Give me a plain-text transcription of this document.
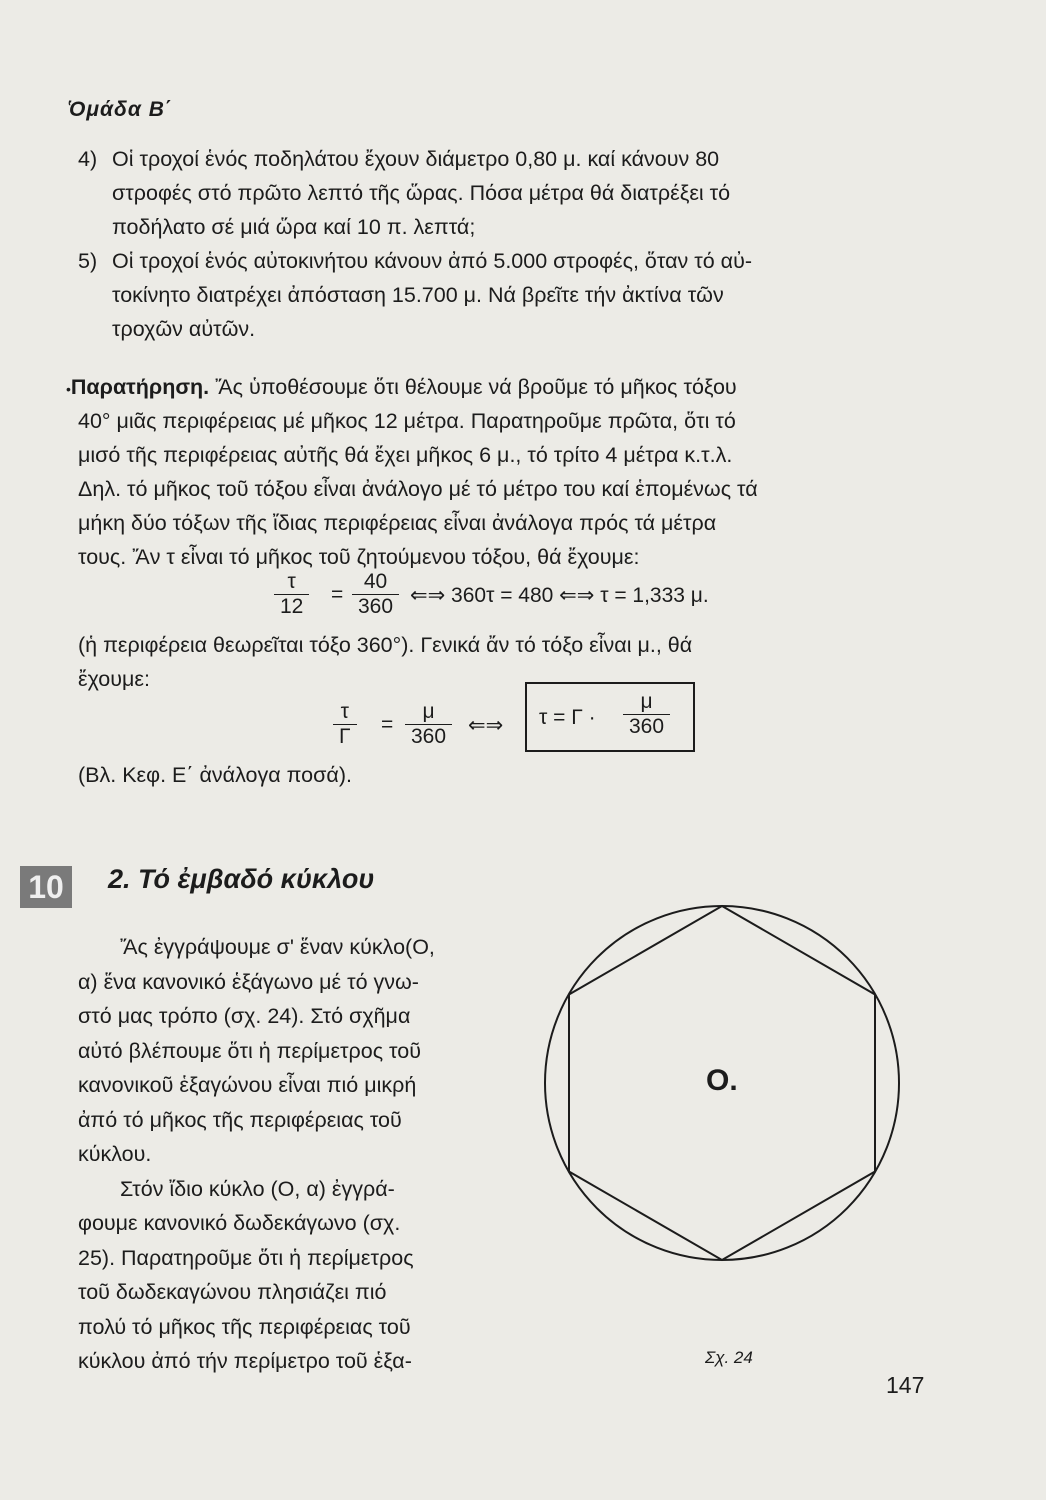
Ὁμάδα Β΄
4) Οἱ τροχοί ἑνός ποδηλάτου ἔχουν διάμετρο 0,80 μ. καί κάνουν 80
στροφές στό πρῶτο λεπτό τῆς ὥρας. Πόσα μέτρα θά διατρέξει τό
ποδήλατο σέ μιά ὥρα καί 10 π. λεπτά;
5) Οἱ τροχοί ἑνός αὐτοκινήτου κάνουν ἀπό 5.000 στροφές, ὅταν τό αὐ-
τοκίνητο διατρέχει ἀπόσταση 15.700 μ. Νά βρεῖτε τήν ἀκτίνα τῶν
τροχῶν αὐτῶν.
•Παρατήρηση. Ἄς ὑποθέσουμε ὅτι θέλουμε νά βροῦμε τό μῆκος τόξου
40° μιᾶς περιφέρειας μέ μῆκος 12 μέτρα. Παρατηροῦμε πρῶτα, ὅτι τό
μισό τῆς περιφέρειας αὐτῆς θά ἔχει μῆκος 6 μ., τό τρίτο 4 μέτρα κ.τ.λ.
Δηλ. τό μῆκος τοῦ τόξου εἶναι ἀνάλογο μέ τό μέτρο του καί ἑπομένως τά
μήκη δύο τόξων τῆς ἴδιας περιφέρειας εἶναι ἀνάλογα πρός τά μέτρα
τους. Ἄν τ εἶναι τό μῆκος τοῦ ζητούμενου τόξου, θά ἔχουμε:
$\frac{\tau}{12} = \frac{40}{360}$ ⇐⇒ 360τ = 480 ⇐⇒ τ = 1,333 μ.
(ἡ περιφέρεια θεωρεῖται τόξο 360°). Γενικά ἄν τό τόξο εἶναι μ., θά
ἔχουμε:
$\frac{\tau}{\Gamma} = \frac{\mu}{360}$ ⇐⇒ $\tau = \Gamma \cdot \frac{\mu}{360}$
(Βλ. Κεφ. Ε΄ ἀνάλογα ποσά).
10	2. Τό ἐμβαδό κύκλου
Ἄς ἐγγράψουμε σ' ἕναν κύκλο(Ο,
α) ἕνα κανονικό ἑξάγωνο μέ τό γνω-
στό μας τρόπο (σχ. 24). Στό σχῆμα
αὐτό βλέπουμε ὅτι ἡ περίμετρος τοῦ
κανονικοῦ ἑξαγώνου εἶναι πιό μικρή
ἀπό τό μῆκος τῆς περιφέρειας τοῦ
κύκλου.
Στόν ἴδιο κύκλο (Ο, α) ἐγγρά-
φουμε κανονικό δωδεκάγωνο (σχ.
25). Παρατηροῦμε ὅτι ἡ περίμετρος
τοῦ δωδεκαγώνου πλησιάζει πιό
πολύ τό μῆκος τῆς περιφέρειας τοῦ
κύκλου ἀπό τήν περίμετρο τοῦ ἑξα-
Ο.
Σχ. 24
147
